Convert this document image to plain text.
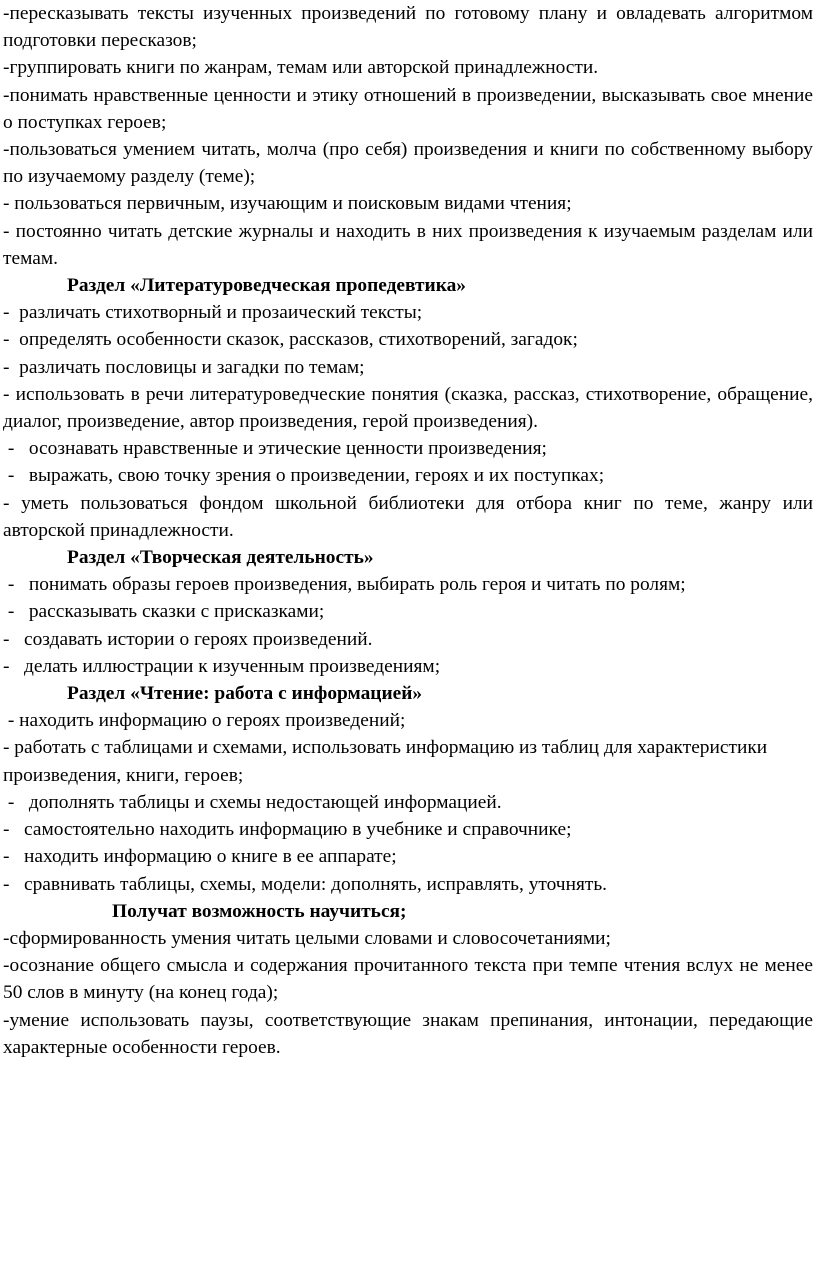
-пересказывать тексты изученных произведений по готовому плану и овладевать алгоритмом подготовки пересказов;

-группировать книги по жанрам, темам или авторской принадлежности.

-понимать нравственные ценности и этику отношений в произведении, высказывать свое мнение о поступках героев;

-пользоваться умением читать, молча (про себя) произведения и книги по собственному выбору по изучаемому разделу (теме);

- пользоваться первичным, изучающим и поисковым видами чтения;

- постоянно читать детские журналы и находить в них произведения к изучаемым разделам или темам.

Раздел «Литературоведческая пропедевтика»

-  различать стихотворный и прозаический тексты;

-  определять особенности сказок, рассказов, стихотворений, загадок;

-  различать пословицы и загадки по темам;

- использовать в речи литературоведческие понятия (сказка, рассказ, стихотворение, обращение, диалог, произведение, автор произведения, герой произведения).

-   осознавать нравственные и этические ценности произведения;

-   выражать, свою точку зрения о произведении, героях и их поступках;

- уметь пользоваться фондом школьной библиотеки для отбора книг по теме, жанру или авторской принадлежности.

Раздел «Творческая деятельность»

-   понимать образы героев произведения, выбирать роль героя и читать по ролям;

-   рассказывать сказки с присказками;

-   создавать истории о героях произведений.

-   делать иллюстрации к изученным произведениям;

Раздел «Чтение: работа с информацией»

- находить информацию о героях произведений;

- работать с таблицами и схемами, использовать информацию из таблиц для характеристики произведения, книги, героев;

-   дополнять таблицы и схемы недостающей информацией.

-   самостоятельно находить информацию в учебнике и справочнике;

-   находить информацию о книге в ее аппарате;

-   сравнивать таблицы, схемы, модели: дополнять, исправлять, уточнять.

Получат возможность научиться;

-сформированность умения читать целыми словами и словосочетаниями;

-осознание общего смысла и содержания прочитанного текста при темпе чтения вслух не менее 50 слов в минуту (на конец года);

-умение использовать паузы, соответствующие знакам препинания, интонации, передающие характерные особенности героев.
